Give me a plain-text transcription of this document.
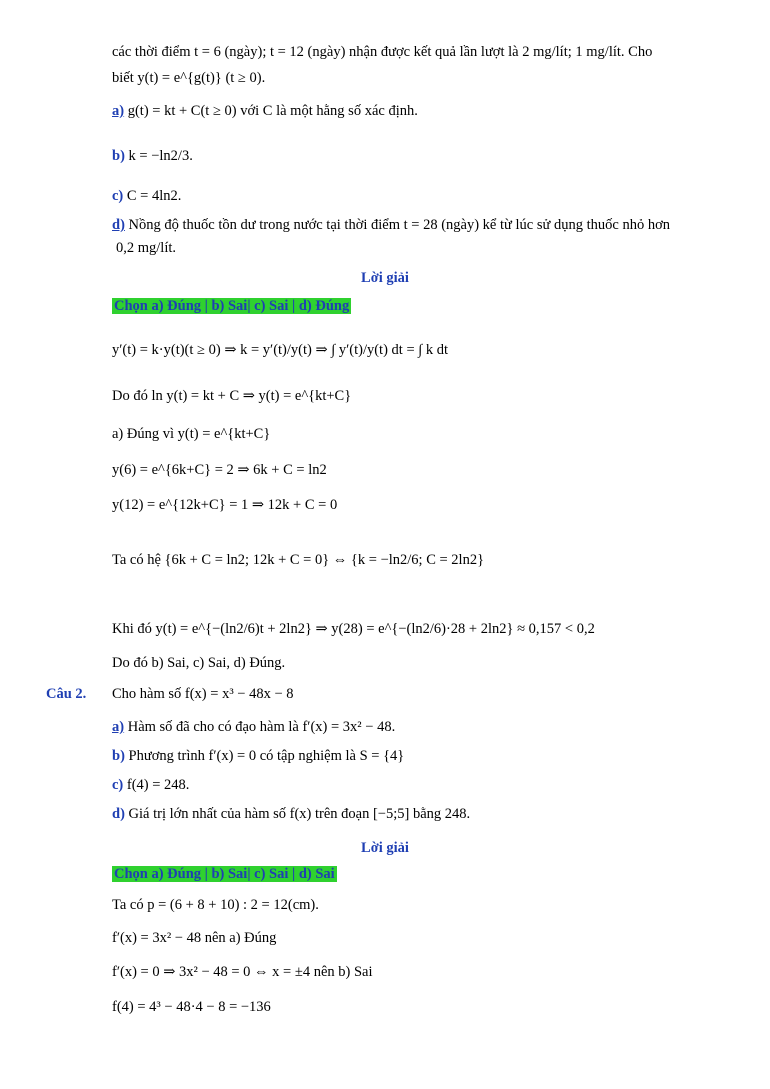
các thời điểm t = 6 (ngày); t = 12 (ngày) nhận được kết quả lần lượt là 2 mg/lít; 1 mg/lít. Cho
biết y(t) = e^{g(t)} (t ≥ 0).
a) g(t) = kt + C(t ≥ 0) với C là một hằng số xác định.
b) k = −ln2/3.
c) C = 4ln2.
d) Nồng độ thuốc tồn dư trong nước tại thời điểm t = 28 (ngày) kể từ lúc sử dụng thuốc nhỏ hơn
0,2 mg/lít.
Lời giải
Chọn a) Đúng | b) Sai| c) Sai | d) Đúng
y′(t) = k·y(t)(t ≥ 0) ⇒ k = y′(t)/y(t) ⇒ ∫ y′(t)/y(t) dt = ∫ k dt
Do đó ln y(t) = kt + C ⇒ y(t) = e^{kt+C}
a) Đúng vì y(t) = e^{kt+C}
y(6) = e^{6k+C} = 2 ⇒ 6k + C = ln2
y(12) = e^{12k+C} = 1 ⇒ 12k + C = 0
Ta có hệ {6k + C = ln2; 12k + C = 0} ⇔ {k = −ln2/6; C = 2ln2}
Khi đó y(t) = e^{−(ln2/6)t + 2ln2} ⇒ y(28) = e^{−(ln2/6)·28 + 2ln2} ≈ 0,157 < 0,2
Do đó b) Sai, c) Sai, d) Đúng.
Câu 2. Cho hàm số f(x) = x³ − 48x − 8
a) Hàm số đã cho có đạo hàm là f′(x) = 3x² − 48.
b) Phương trình f′(x) = 0 có tập nghiệm là S = {4}
c) f(4) = 248.
d) Giá trị lớn nhất của hàm số f(x) trên đoạn [−5;5] bằng 248.
Lời giải
Chọn a) Đúng | b) Sai| c) Sai | d) Sai
Ta có p = (6 + 8 + 10) : 2 = 12(cm).
f′(x) = 3x² − 48 nên a) Đúng
f′(x) = 0 ⇒ 3x² − 48 = 0 ⇔ x = ±4 nên b) Sai
f(4) = 4³ − 48·4 − 8 = −136
